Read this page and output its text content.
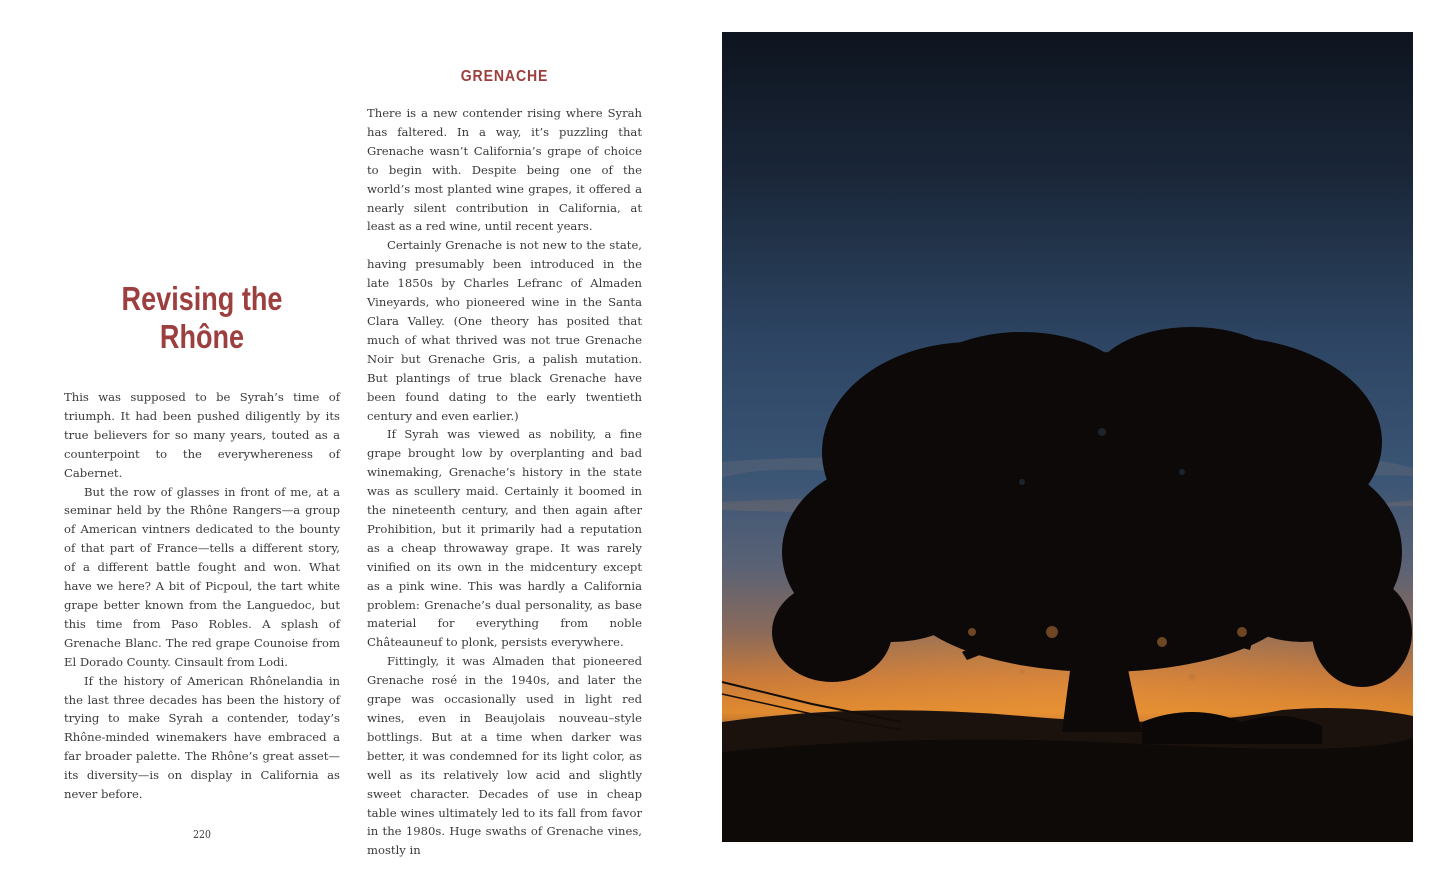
Revising the Rhône

This was supposed to be Syrah’s time of triumph. It had been pushed diligently by its true believers for so many years, touted as a counterpoint to the everywhereness of Cabernet.

But the row of glasses in front of me, at a seminar held by the Rhône Rangers—a group of American vintners dedicated to the bounty of that part of France—tells a different story, of a different battle fought and won. What have we here? A bit of Picpoul, the tart white grape better known from the Languedoc, but this time from Paso Robles. A splash of Grenache Blanc. The red grape Counoise from El Dorado County. Cinsault from Lodi.

If the history of American Rhônelandia in the last three decades has been the history of trying to make Syrah a contender, today’s Rhône-minded winemakers have embraced a far broader palette. The Rhône’s great asset—its diversity—is on display in California as never before.

220
GRENACHE

There is a new contender rising where Syrah has faltered. In a way, it’s puzzling that Grenache wasn’t California’s grape of choice to begin with. Despite being one of the world’s most planted wine grapes, it offered a nearly silent contribution in California, at least as a red wine, until recent years.

Certainly Grenache is not new to the state, having presumably been introduced in the late 1850s by Charles Lefranc of Almaden Vineyards, who pioneered wine in the Santa Clara Valley. (One theory has posited that much of what thrived was not true Grenache Noir but Grenache Gris, a palish mutation. But plantings of true black Grenache have been found dating to the early twentieth century and even earlier.)

If Syrah was viewed as nobility, a fine grape brought low by overplanting and bad winemaking, Grenache’s history in the state was as scullery maid. Certainly it boomed in the nineteenth century, and then again after Prohibition, but it primarily had a reputation as a cheap throwaway grape. It was rarely vinified on its own in the midcentury except as a pink wine. This was hardly a California problem: Grenache’s dual personality, as base material for everything from noble Châteauneuf to plonk, persists everywhere.

Fittingly, it was Almaden that pioneered Grenache rosé in the 1940s, and later the grape was occasionally used in light red wines, even in Beaujolais nouveau–style bottlings. But at a time when darker was better, it was condemned for its light color, as well as its relatively low acid and slightly sweet character. Decades of use in cheap table wines ultimately led to its fall from favor in the 1980s. Huge swaths of Grenache vines, mostly in
